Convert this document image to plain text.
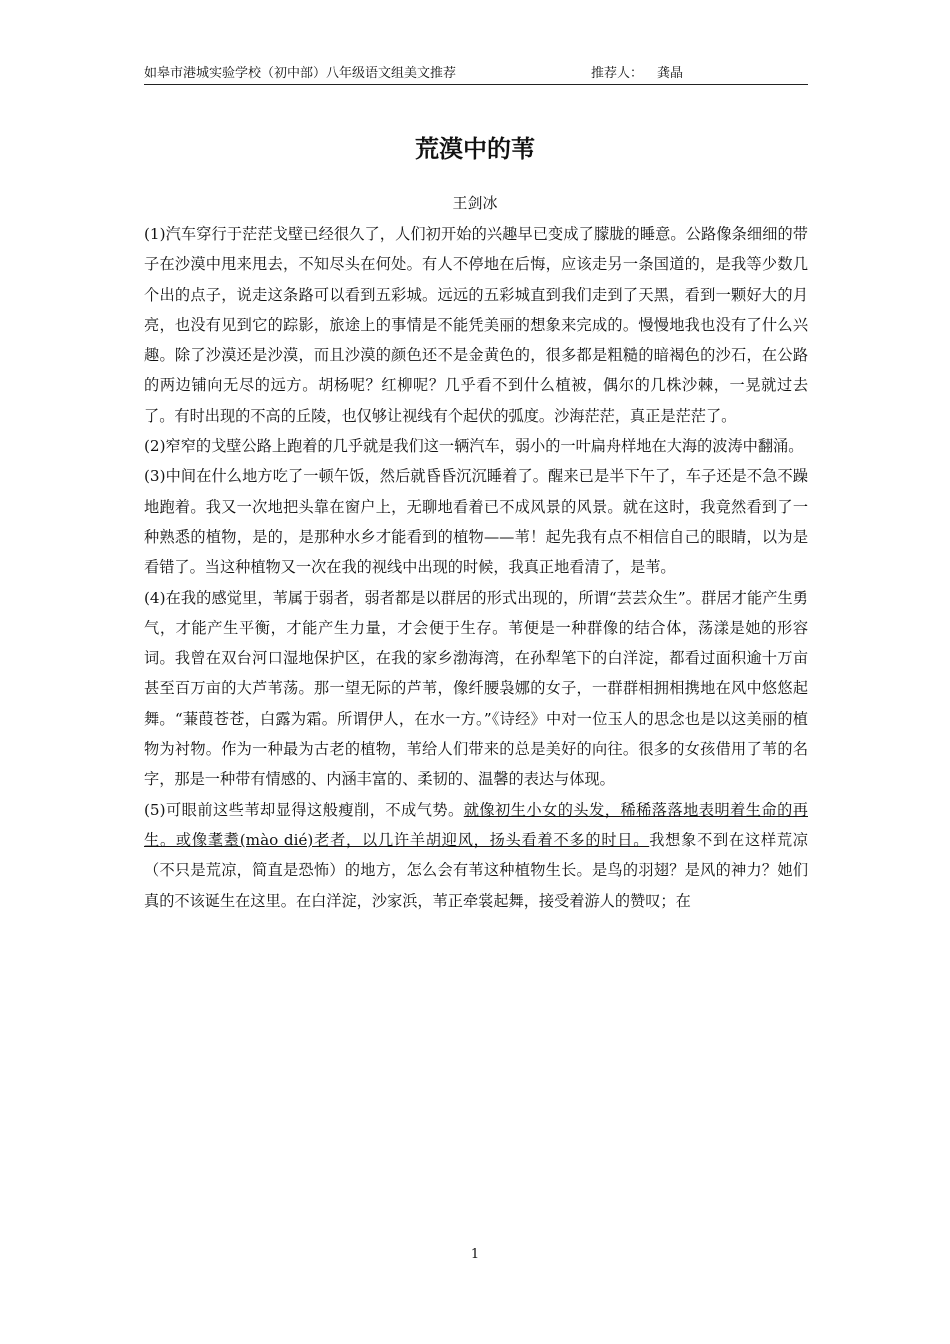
如皋市港城实验学校（初中部）八年级语文组美文推荐	推荐人： 龚晶
荒漠中的苇
王剑冰

(1)汽车穿行于茫茫戈壁已经很久了，人们初开始的兴趣早已变成了朦胧的睡意。公路像条细细的带子在沙漠中甩来甩去，不知尽头在何处。有人不停地在后悔，应该走另一条国道的，是我等少数几个出的点子，说走这条路可以看到五彩城。远远的五彩城直到我们走到了天黑，看到一颗好大的月亮，也没有见到它的踪影，旅途上的事情是不能凭美丽的想象来完成的。慢慢地我也没有了什么兴趣。除了沙漠还是沙漠，而且沙漠的颜色还不是金黄色的，很多都是粗糙的暗褐色的沙石，在公路的两边铺向无尽的远方。胡杨呢？红柳呢？几乎看不到什么植被，偶尔的几株沙棘，一晃就过去了。有时出现的不高的丘陵，也仅够让视线有个起伏的弧度。沙海茫茫，真正是茫茫了。

(2)窄窄的戈壁公路上跑着的几乎就是我们这一辆汽车，弱小的一叶扁舟样地在大海的波涛中翻涌。

(3)中间在什么地方吃了一顿午饭，然后就昏昏沉沉睡着了。醒来已是半下午了，车子还是不急不躁地跑着。我又一次地把头靠在窗户上，无聊地看着已不成风景的风景。就在这时，我竟然看到了一种熟悉的植物，是的，是那种水乡才能看到的植物——苇！起先我有点不相信自己的眼睛，以为是看错了。当这种植物又一次在我的视线中出现的时候，我真正地看清了，是苇。

(4)在我的感觉里，苇属于弱者，弱者都是以群居的形式出现的，所谓“芸芸众生”。群居才能产生勇气，才能产生平衡，才能产生力量，才会便于生存。苇便是一种群像的结合体，荡漾是她的形容词。我曾在双台河口湿地保护区，在我的家乡渤海湾，在孙犁笔下的白洋淀，都看过面积逾十万亩甚至百万亩的大芦苇荡。那一望无际的芦苇，像纤腰袅娜的女子，一群群相拥相携地在风中悠悠起舞。“蒹葭苍苍，白露为霜。所谓伊人，在水一方。”《诗经》中对一位玉人的思念也是以这美丽的植物为衬物。作为一种最为古老的植物，苇给人们带来的总是美好的向往。很多的女孩借用了苇的名字，那是一种带有情感的、内涵丰富的、柔韧的、温馨的表达与体现。

(5)可眼前这些苇却显得这般瘦削，不成气势。就像初生小女的头发，稀稀落落地表明着生命的再生。或像耄耋(mào dié)老者，以几许羊胡迎风，扬头看着不多的时日。我想象不到在这样荒凉（不只是荒凉，简直是恐怖）的地方，怎么会有苇这种植物生长。是鸟的羽翅？是风的神力？她们真的不该诞生在这里。在白洋淀，沙家浜，苇正牵裳起舞，接受着游人的赞叹；在

1
